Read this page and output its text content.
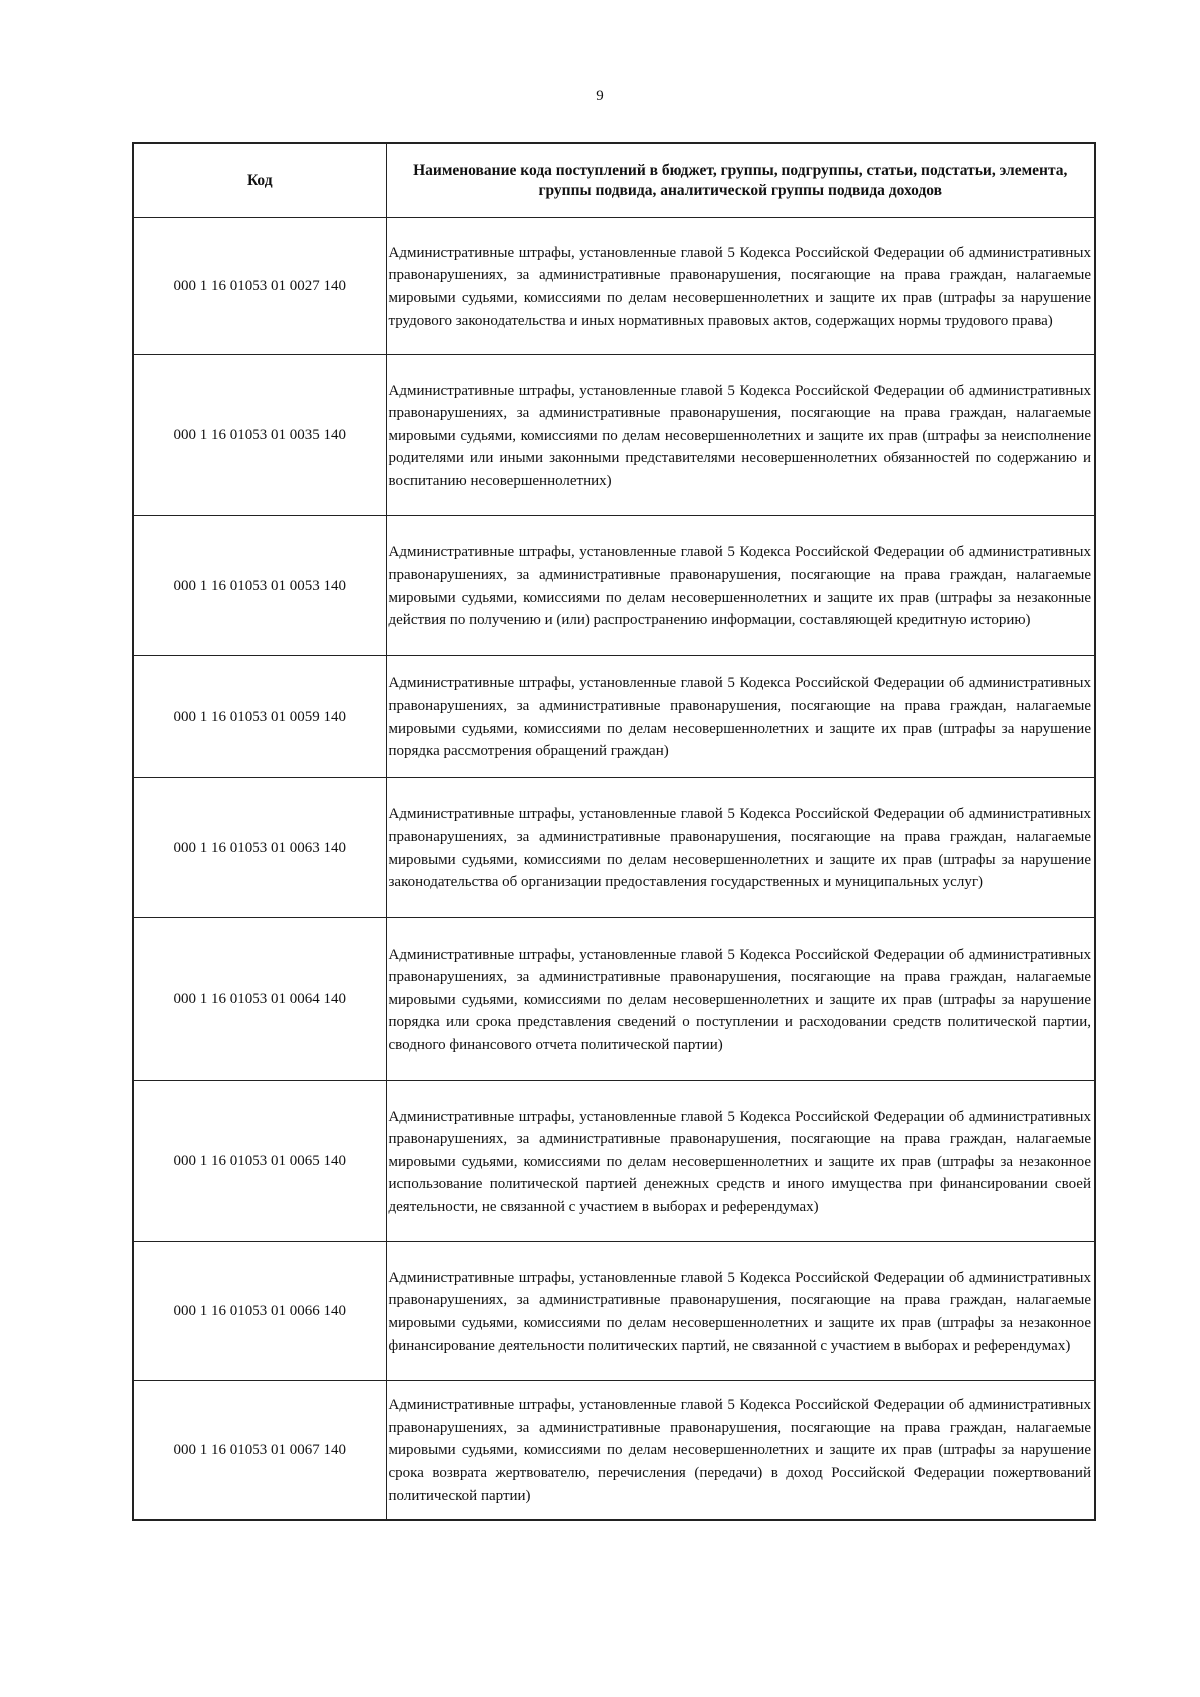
9
Код	Наименование кода поступлений в бюджет, группы, подгруппы, статьи, подстатьи, элемента, группы подвида, аналитической группы подвида доходов
000 1 16 01053 01 0027 140	Административные штрафы, установленные главой 5 Кодекса Российской Федерации об административных правонарушениях, за административные правонарушения, посягающие на права граждан, налагаемые мировыми судьями, комиссиями по делам несовершеннолетних и защите их прав (штрафы за нарушение трудового законодательства и иных нормативных правовых актов, содержащих нормы трудового права)
000 1 16 01053 01 0035 140	Административные штрафы, установленные главой 5 Кодекса Российской Федерации об административных правонарушениях, за административные правонарушения, посягающие на права граждан, налагаемые мировыми судьями, комиссиями по делам несовершеннолетних и защите их прав (штрафы за неисполнение родителями или иными законными представителями несовершеннолетних обязанностей по содержанию и воспитанию несовершеннолетних)
000 1 16 01053 01 0053 140	Административные штрафы, установленные главой 5 Кодекса Российской Федерации об административных правонарушениях, за административные правонарушения, посягающие на права граждан, налагаемые мировыми судьями, комиссиями по делам несовершеннолетних и защите их прав (штрафы за незаконные действия по получению и (или) распространению информации, составляющей кредитную историю)
000 1 16 01053 01 0059 140	Административные штрафы, установленные главой 5 Кодекса Российской Федерации об административных правонарушениях, за административные правонарушения, посягающие на права граждан, налагаемые мировыми судьями, комиссиями по делам несовершеннолетних и защите их прав (штрафы за нарушение порядка рассмотрения обращений граждан)
000 1 16 01053 01 0063 140	Административные штрафы, установленные главой 5 Кодекса Российской Федерации об административных правонарушениях, за административные правонарушения, посягающие на права граждан, налагаемые мировыми судьями, комиссиями по делам несовершеннолетних и защите их прав (штрафы за нарушение законодательства об организации предоставления государственных и муниципальных услуг)
000 1 16 01053 01 0064 140	Административные штрафы, установленные главой 5 Кодекса Российской Федерации об административных правонарушениях, за административные правонарушения, посягающие на права граждан, налагаемые мировыми судьями, комиссиями по делам несовершеннолетних и защите их прав (штрафы за нарушение порядка или срока представления сведений о поступлении и расходовании средств политической партии, сводного финансового отчета политической партии)
000 1 16 01053 01 0065 140	Административные штрафы, установленные главой 5 Кодекса Российской Федерации об административных правонарушениях, за административные правонарушения, посягающие на права граждан, налагаемые мировыми судьями, комиссиями по делам несовершеннолетних и защите их прав (штрафы за незаконное использование политической партией денежных средств и иного имущества при финансировании своей деятельности, не связанной с участием в выборах и референдумах)
000 1 16 01053 01 0066 140	Административные штрафы, установленные главой 5 Кодекса Российской Федерации об административных правонарушениях, за административные правонарушения, посягающие на права граждан, налагаемые мировыми судьями, комиссиями по делам несовершеннолетних и защите их прав (штрафы за незаконное финансирование деятельности политических партий, не связанной с участием в выборах и референдумах)
000 1 16 01053 01 0067 140	Административные штрафы, установленные главой 5 Кодекса Российской Федерации об административных правонарушениях, за административные правонарушения, посягающие на права граждан, налагаемые мировыми судьями, комиссиями по делам несовершеннолетних и защите их прав (штрафы за нарушение срока возврата жертвователю, перечисления (передачи) в доход Российской Федерации пожертвований политической партии)
